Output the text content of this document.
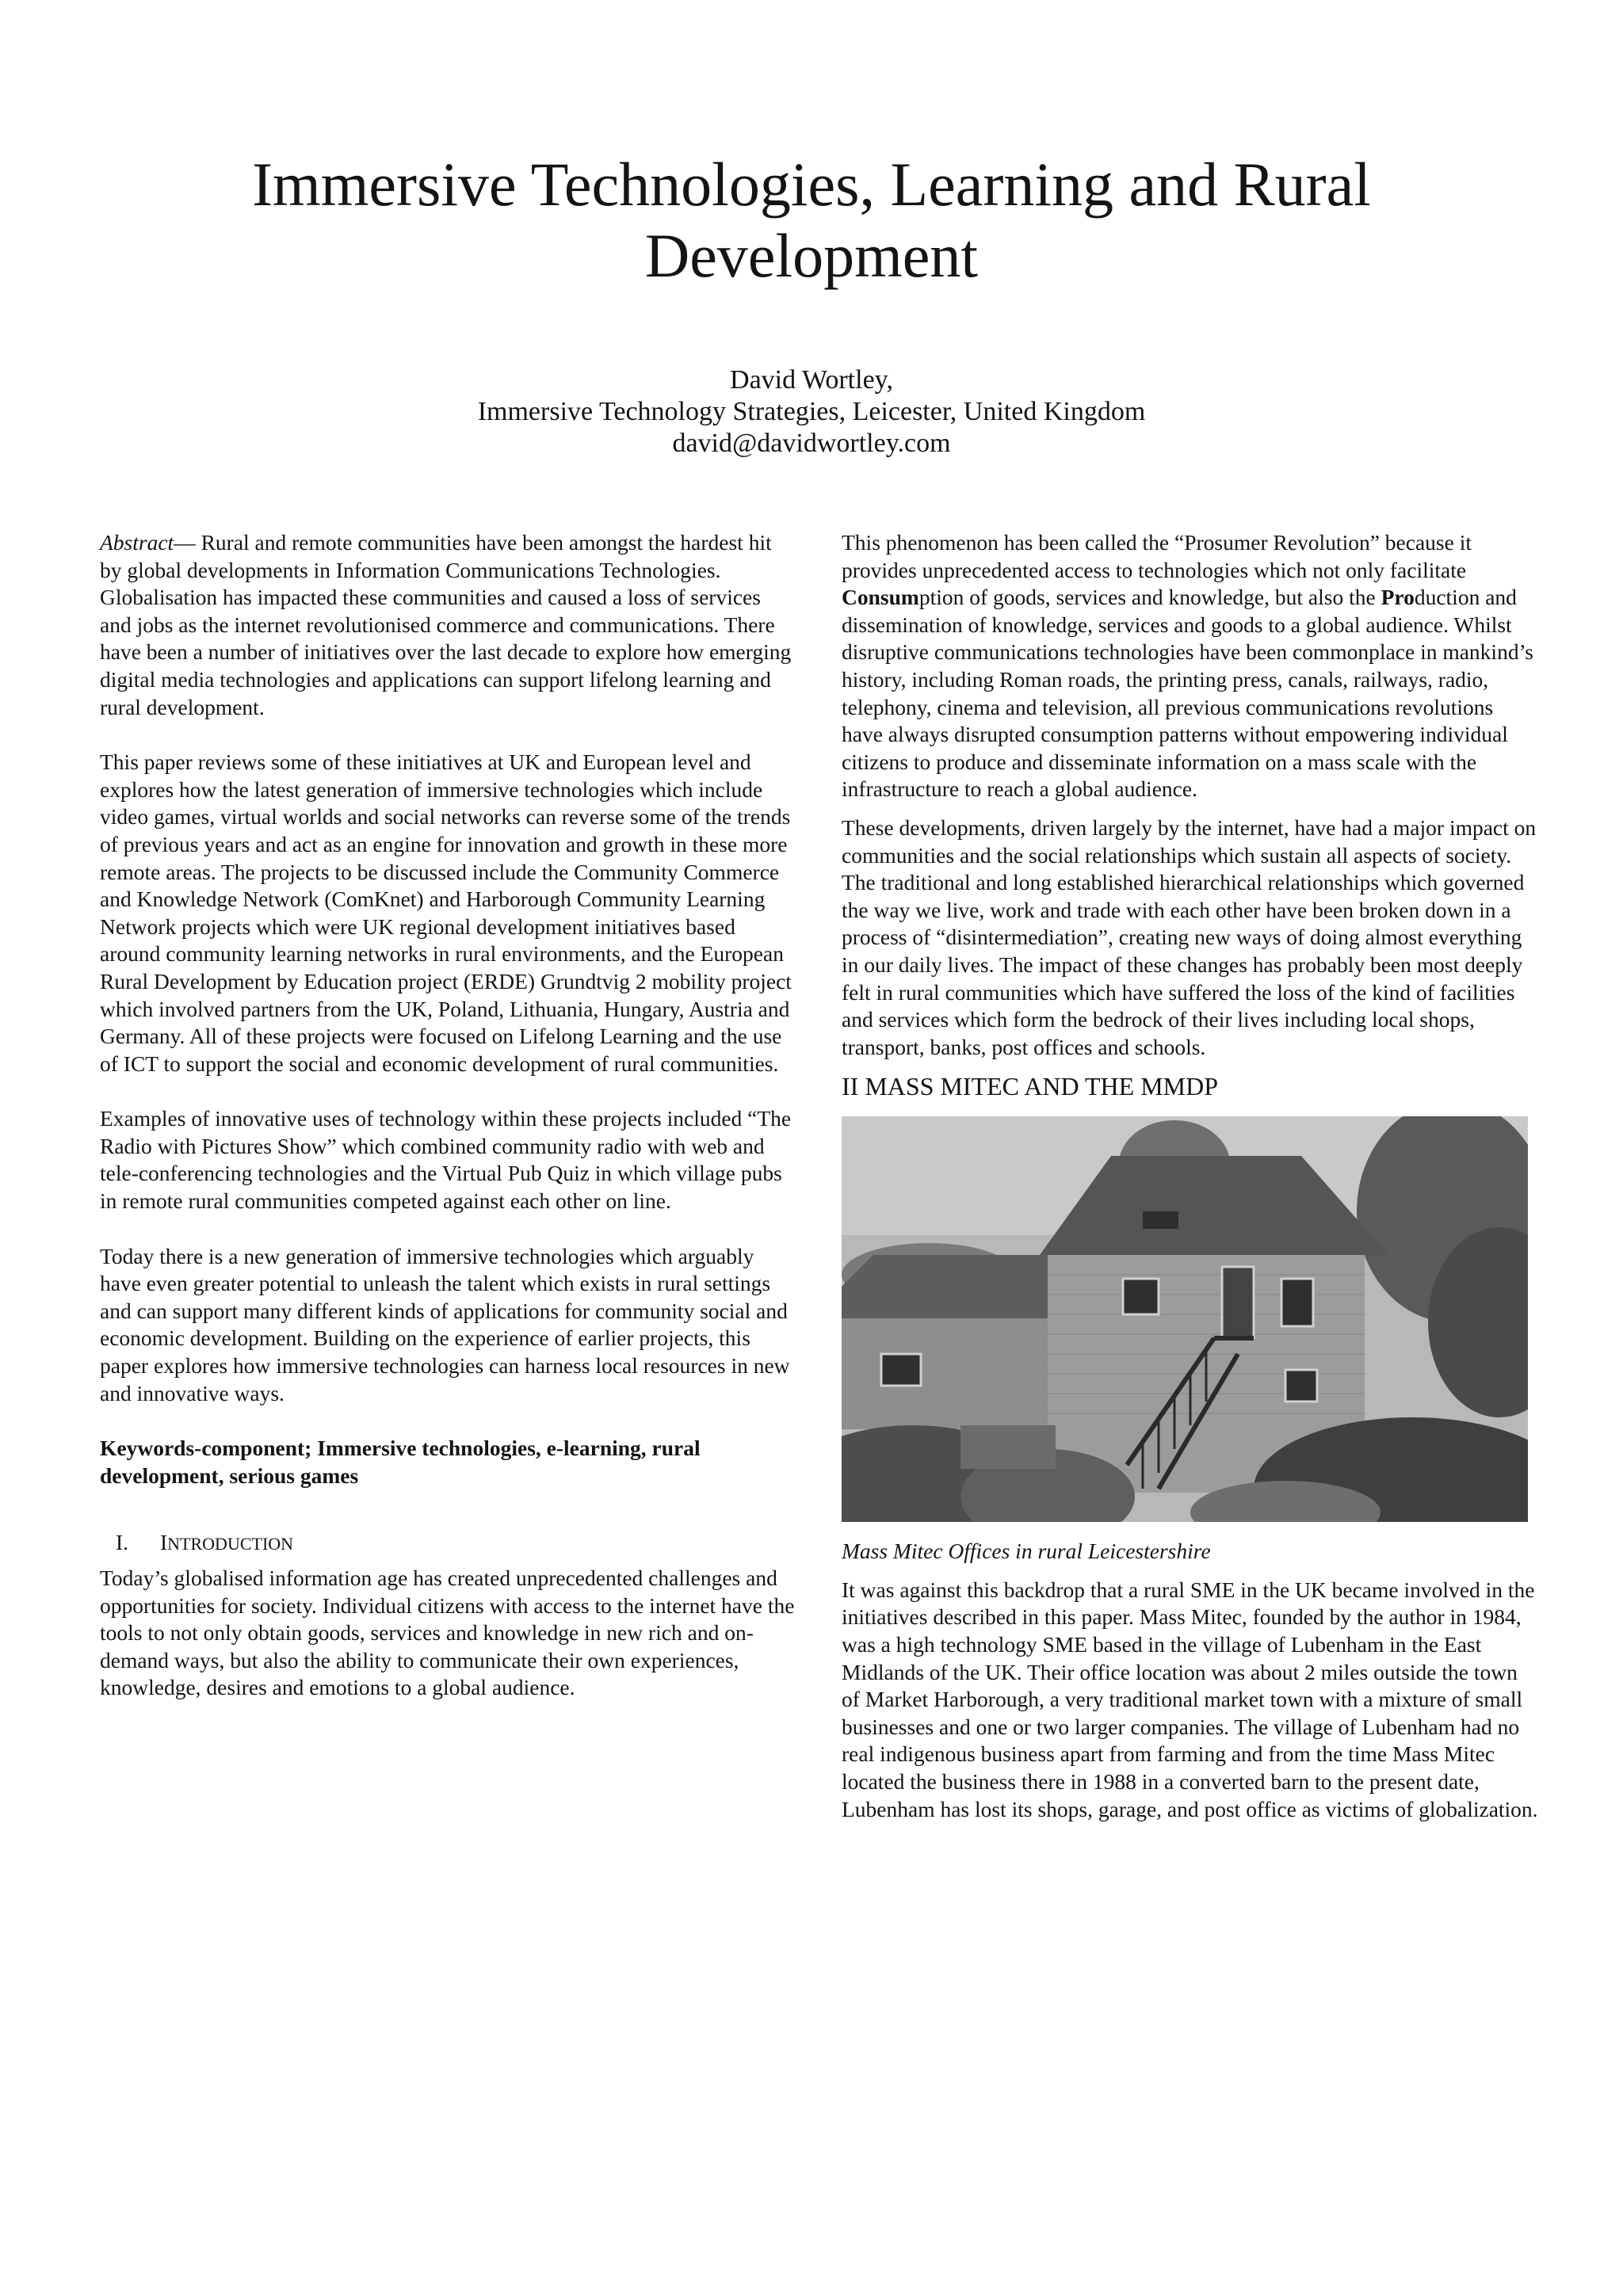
Immersive Technologies, Learning and Rural Development
David Wortley,
Immersive Technology Strategies, Leicester, United Kingdom
david@davidwortley.com

Abstract— Rural and remote communities have been amongst the hardest hit by global developments in Information Communications Technologies. Globalisation has impacted these communities and caused a loss of services and jobs as the internet revolutionised commerce and communications. There have been a number of initiatives over the last decade to explore how emerging digital media technologies and applications can support lifelong learning and rural development.

This paper reviews some of these initiatives at UK and European level and explores how the latest generation of immersive technologies which include video games, virtual worlds and social networks can reverse some of the trends of previous years and act as an engine for innovation and growth in these more remote areas. The projects to be discussed include the Community Commerce and Knowledge Network (ComKnet) and Harborough Community Learning Network projects which were UK regional development initiatives based around community learning networks in rural environments, and the European Rural Development by Education project (ERDE) Grundtvig 2 mobility project which involved partners from the UK, Poland, Lithuania, Hungary, Austria and Germany. All of these projects were focused on Lifelong Learning and the use of ICT to support the social and economic development of rural communities.

Examples of innovative uses of technology within these projects included “The Radio with Pictures Show” which combined community radio with web and tele-conferencing technologies and the Virtual Pub Quiz in which village pubs in remote rural communities competed against each other on line.

Today there is a new generation of immersive technologies which arguably have even greater potential to unleash the talent which exists in rural settings and can support many different kinds of applications for community social and economic development. Building on the experience of earlier projects, this paper explores how immersive technologies can harness local resources in new and innovative ways.

Keywords-component; Immersive technologies, e-learning, rural development, serious games

I. INTRODUCTION

Today’s globalised information age has created unprecedented challenges and opportunities for society. Individual citizens with access to the internet have the tools to not only obtain goods, services and knowledge in new rich and on-demand ways, but also the ability to communicate their own experiences, knowledge, desires and emotions to a global audience.

This phenomenon has been called the “Prosumer Revolution” because it provides unprecedented access to technologies which not only facilitate Consumption of goods, services and knowledge, but also the Production and dissemination of knowledge, services and goods to a global audience. Whilst disruptive communications technologies have been commonplace in mankind’s history, including Roman roads, the printing press, canals, railways, radio, telephony, cinema and television, all previous communications revolutions have always disrupted consumption patterns without empowering individual citizens to produce and disseminate information on a mass scale with the infrastructure to reach a global audience.

These developments, driven largely by the internet, have had a major impact on communities and the social relationships which sustain all aspects of society. The traditional and long established hierarchical relationships which governed the way we live, work and trade with each other have been broken down in a process of “disintermediation”, creating new ways of doing almost everything in our daily lives. The impact of these changes has probably been most deeply felt in rural communities which have suffered the loss of the kind of facilities and services which form the bedrock of their lives including local shops, transport, banks, post offices and schools.

II MASS MITEC AND THE MMDP

Mass Mitec Offices in rural Leicestershire

It was against this backdrop that a rural SME in the UK became involved in the initiatives described in this paper. Mass Mitec, founded by the author in 1984, was a high technology SME based in the village of Lubenham in the East Midlands of the UK. Their office location was about 2 miles outside the town of Market Harborough, a very traditional market town with a mixture of small businesses and one or two larger companies. The village of Lubenham had no real indigenous business apart from farming and from the time Mass Mitec located the business there in 1988 in a converted barn to the present date, Lubenham has lost its shops, garage, and post office as victims of globalization.
